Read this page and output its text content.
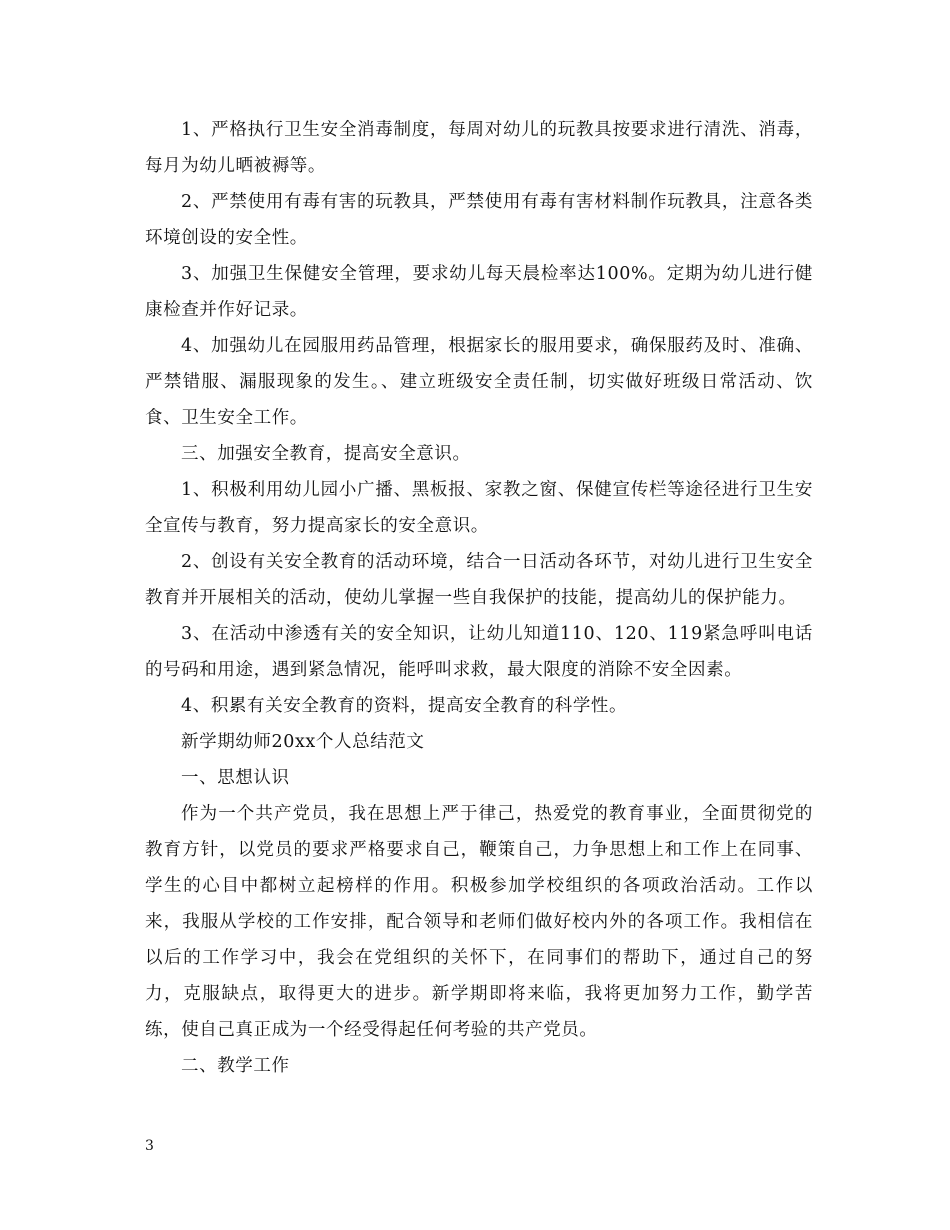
1、严格执行卫生安全消毒制度，每周对幼儿的玩教具按要求进行清洗、消毒，每月为幼儿晒被褥等。

2、严禁使用有毒有害的玩教具，严禁使用有毒有害材料制作玩教具，注意各类环境创设的安全性。

3、加强卫生保健安全管理，要求幼儿每天晨检率达100%。定期为幼儿进行健康检查并作好记录。

4、加强幼儿在园服用药品管理，根据家长的服用要求，确保服药及时、准确、严禁错服、漏服现象的发生。、建立班级安全责任制，切实做好班级日常活动、饮食、卫生安全工作。

三、加强安全教育，提高安全意识。

1、积极利用幼儿园小广播、黑板报、家教之窗、保健宣传栏等途径进行卫生安全宣传与教育，努力提高家长的安全意识。

2、创设有关安全教育的活动环境，结合一日活动各环节，对幼儿进行卫生安全教育并开展相关的活动，使幼儿掌握一些自我保护的技能，提高幼儿的保护能力。

3、在活动中渗透有关的安全知识，让幼儿知道110、120、119紧急呼叫电话的号码和用途，遇到紧急情况，能呼叫求救，最大限度的消除不安全因素。

4、积累有关安全教育的资料，提高安全教育的科学性。

新学期幼师20xx个人总结范文

一、思想认识

作为一个共产党员，我在思想上严于律己，热爱党的教育事业，全面贯彻党的教育方针，以党员的要求严格要求自己，鞭策自己，力争思想上和工作上在同事、学生的心目中都树立起榜样的作用。积极参加学校组织的各项政治活动。工作以来，我服从学校的工作安排，配合领导和老师们做好校内外的各项工作。我相信在以后的工作学习中，我会在党组织的关怀下，在同事们的帮助下，通过自己的努力，克服缺点，取得更大的进步。新学期即将来临，我将更加努力工作，勤学苦练，使自己真正成为一个经受得起任何考验的共产党员。

二、教学工作

3
